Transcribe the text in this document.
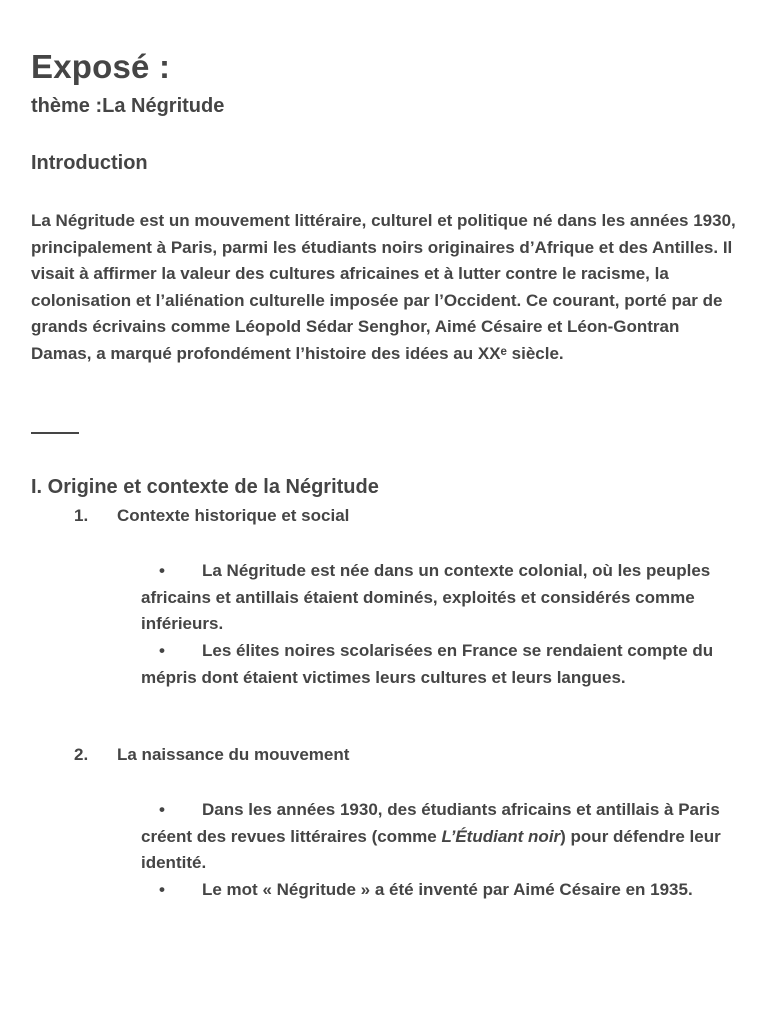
Exposé :
thème :La Négritude
Introduction

La Négritude est un mouvement littéraire, culturel et politique né dans les années 1930, principalement à Paris, parmi les étudiants noirs originaires d’Afrique et des Antilles. Il visait à affirmer la valeur des cultures africaines et à lutter contre le racisme, la colonisation et l’aliénation culturelle imposée par l’Occident. Ce courant, porté par de grands écrivains comme Léopold Sédar Senghor, Aimé Césaire et Léon-Gontran Damas, a marqué profondément l’histoire des idées au XXᵉ siècle.

I. Origine et contexte de la Négritude
1. Contexte historique et social

• La Négritude est née dans un contexte colonial, où les peuples africains et antillais étaient dominés, exploités et considérés comme inférieurs.

• Les élites noires scolarisées en France se rendaient compte du mépris dont étaient victimes leurs cultures et leurs langues.

2. La naissance du mouvement

• Dans les années 1930, des étudiants africains et antillais à Paris créent des revues littéraires (comme L’Étudiant noir) pour défendre leur identité.

• Le mot « Négritude » a été inventé par Aimé Césaire en 1935.
